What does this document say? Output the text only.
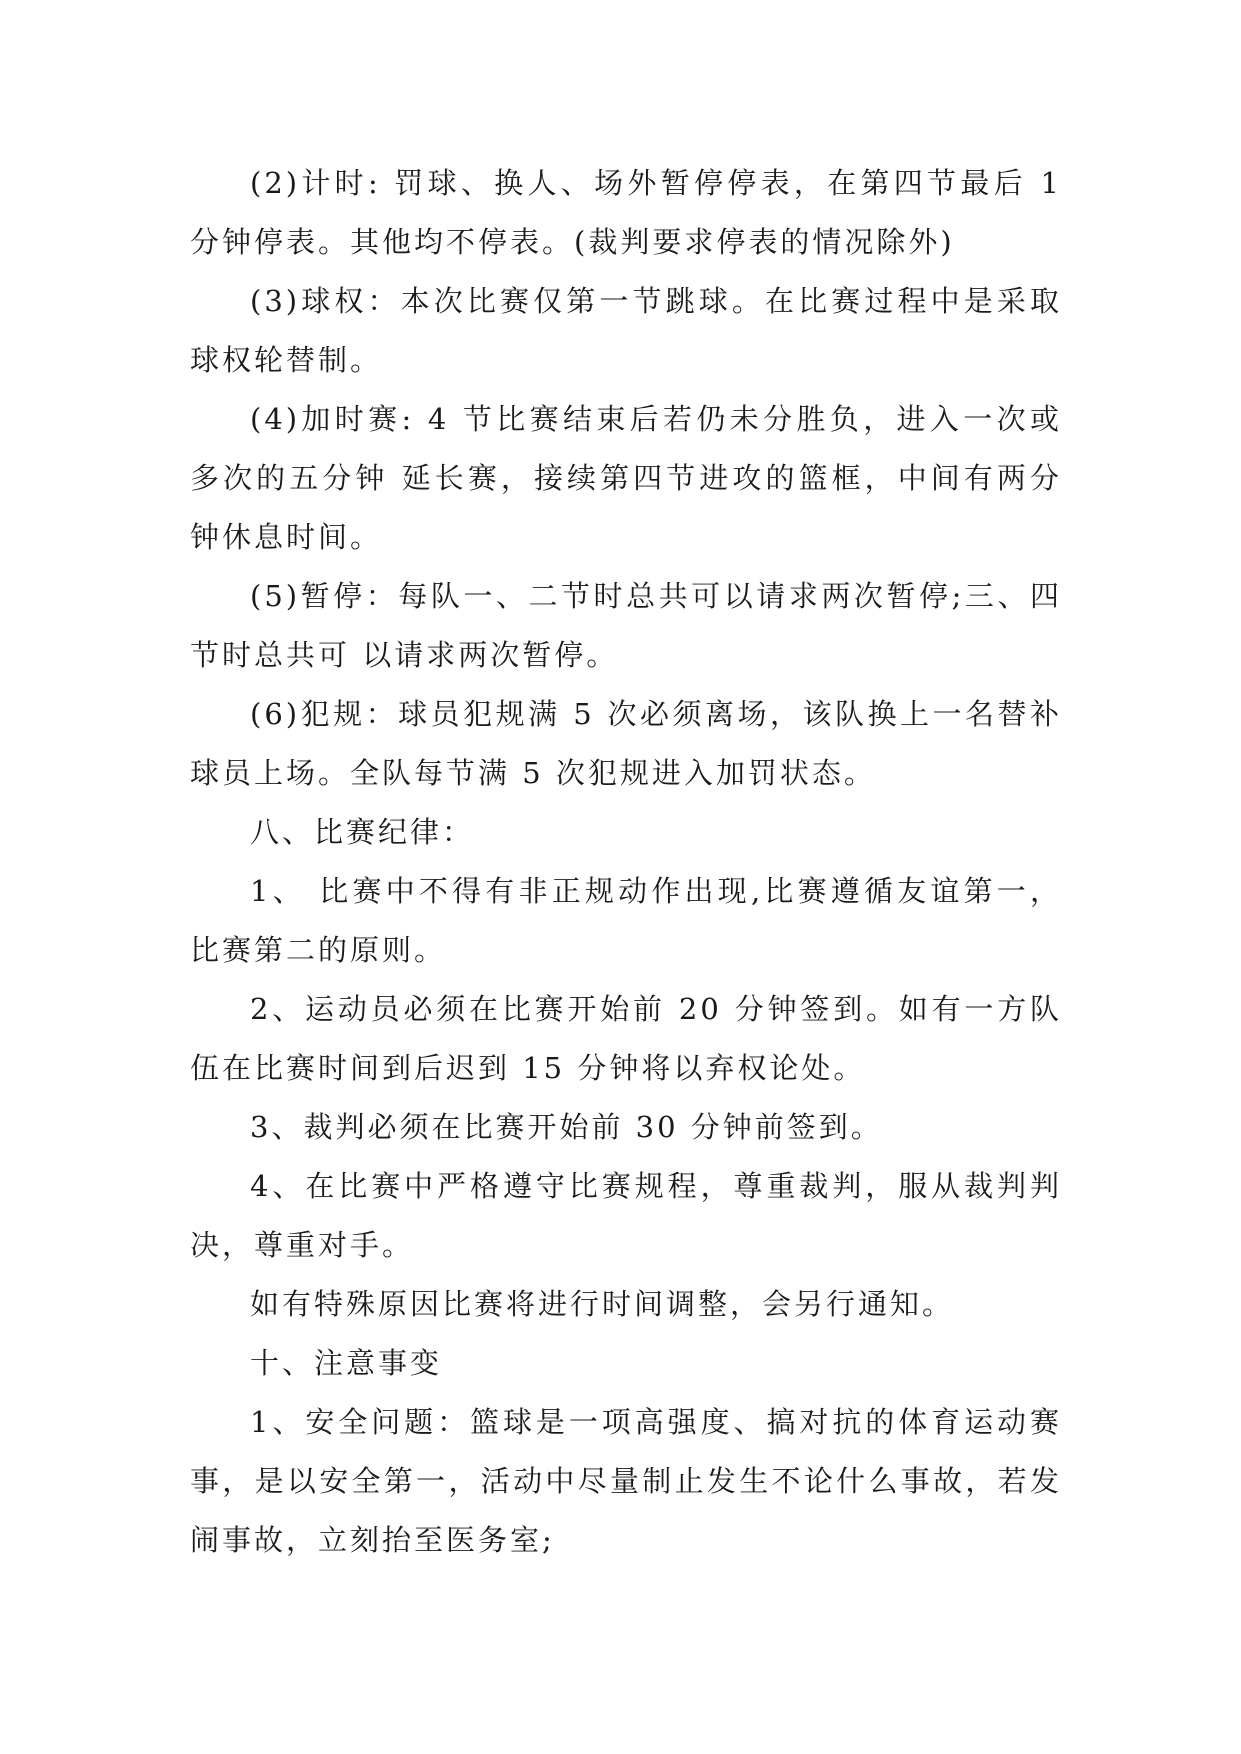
(2)计时: 罚球、换人、场外暂停停表，在第四节最后 1 分钟停表。其他均不停表。(裁判要求停表的情况除外)

(3)球权：本次比赛仅第一节跳球。在比赛过程中是采取球权轮替制。

(4)加时赛: 4 节比赛结束后若仍未分胜负，进入一次或多次的五分钟 延长赛，接续第四节进攻的篮框，中间有两分钟休息时间。

(5)暂停：每队一、二节时总共可以请求两次暂停;三、四节时总共可 以请求两次暂停。

(6)犯规：球员犯规满 5 次必须离场，该队换上一名替补球员上场。全队每节满 5 次犯规进入加罚状态。

八、比赛纪律：

1、 比赛中不得有非正规动作出现,比赛遵循友谊第一，比赛第二的原则。

2、运动员必须在比赛开始前 20 分钟签到。如有一方队伍在比赛时间到后迟到 15 分钟将以弃权论处。

3、裁判必须在比赛开始前 30 分钟前签到。

4、在比赛中严格遵守比赛规程，尊重裁判，服从裁判判决，尊重对手。

如有特殊原因比赛将进行时间调整，会另行通知。

十、注意事变

1、安全问题：篮球是一项高强度、搞对抗的体育运动赛事，是以安全第一，活动中尽量制止发生不论什么事故，若发闹事故，立刻抬至医务室;
